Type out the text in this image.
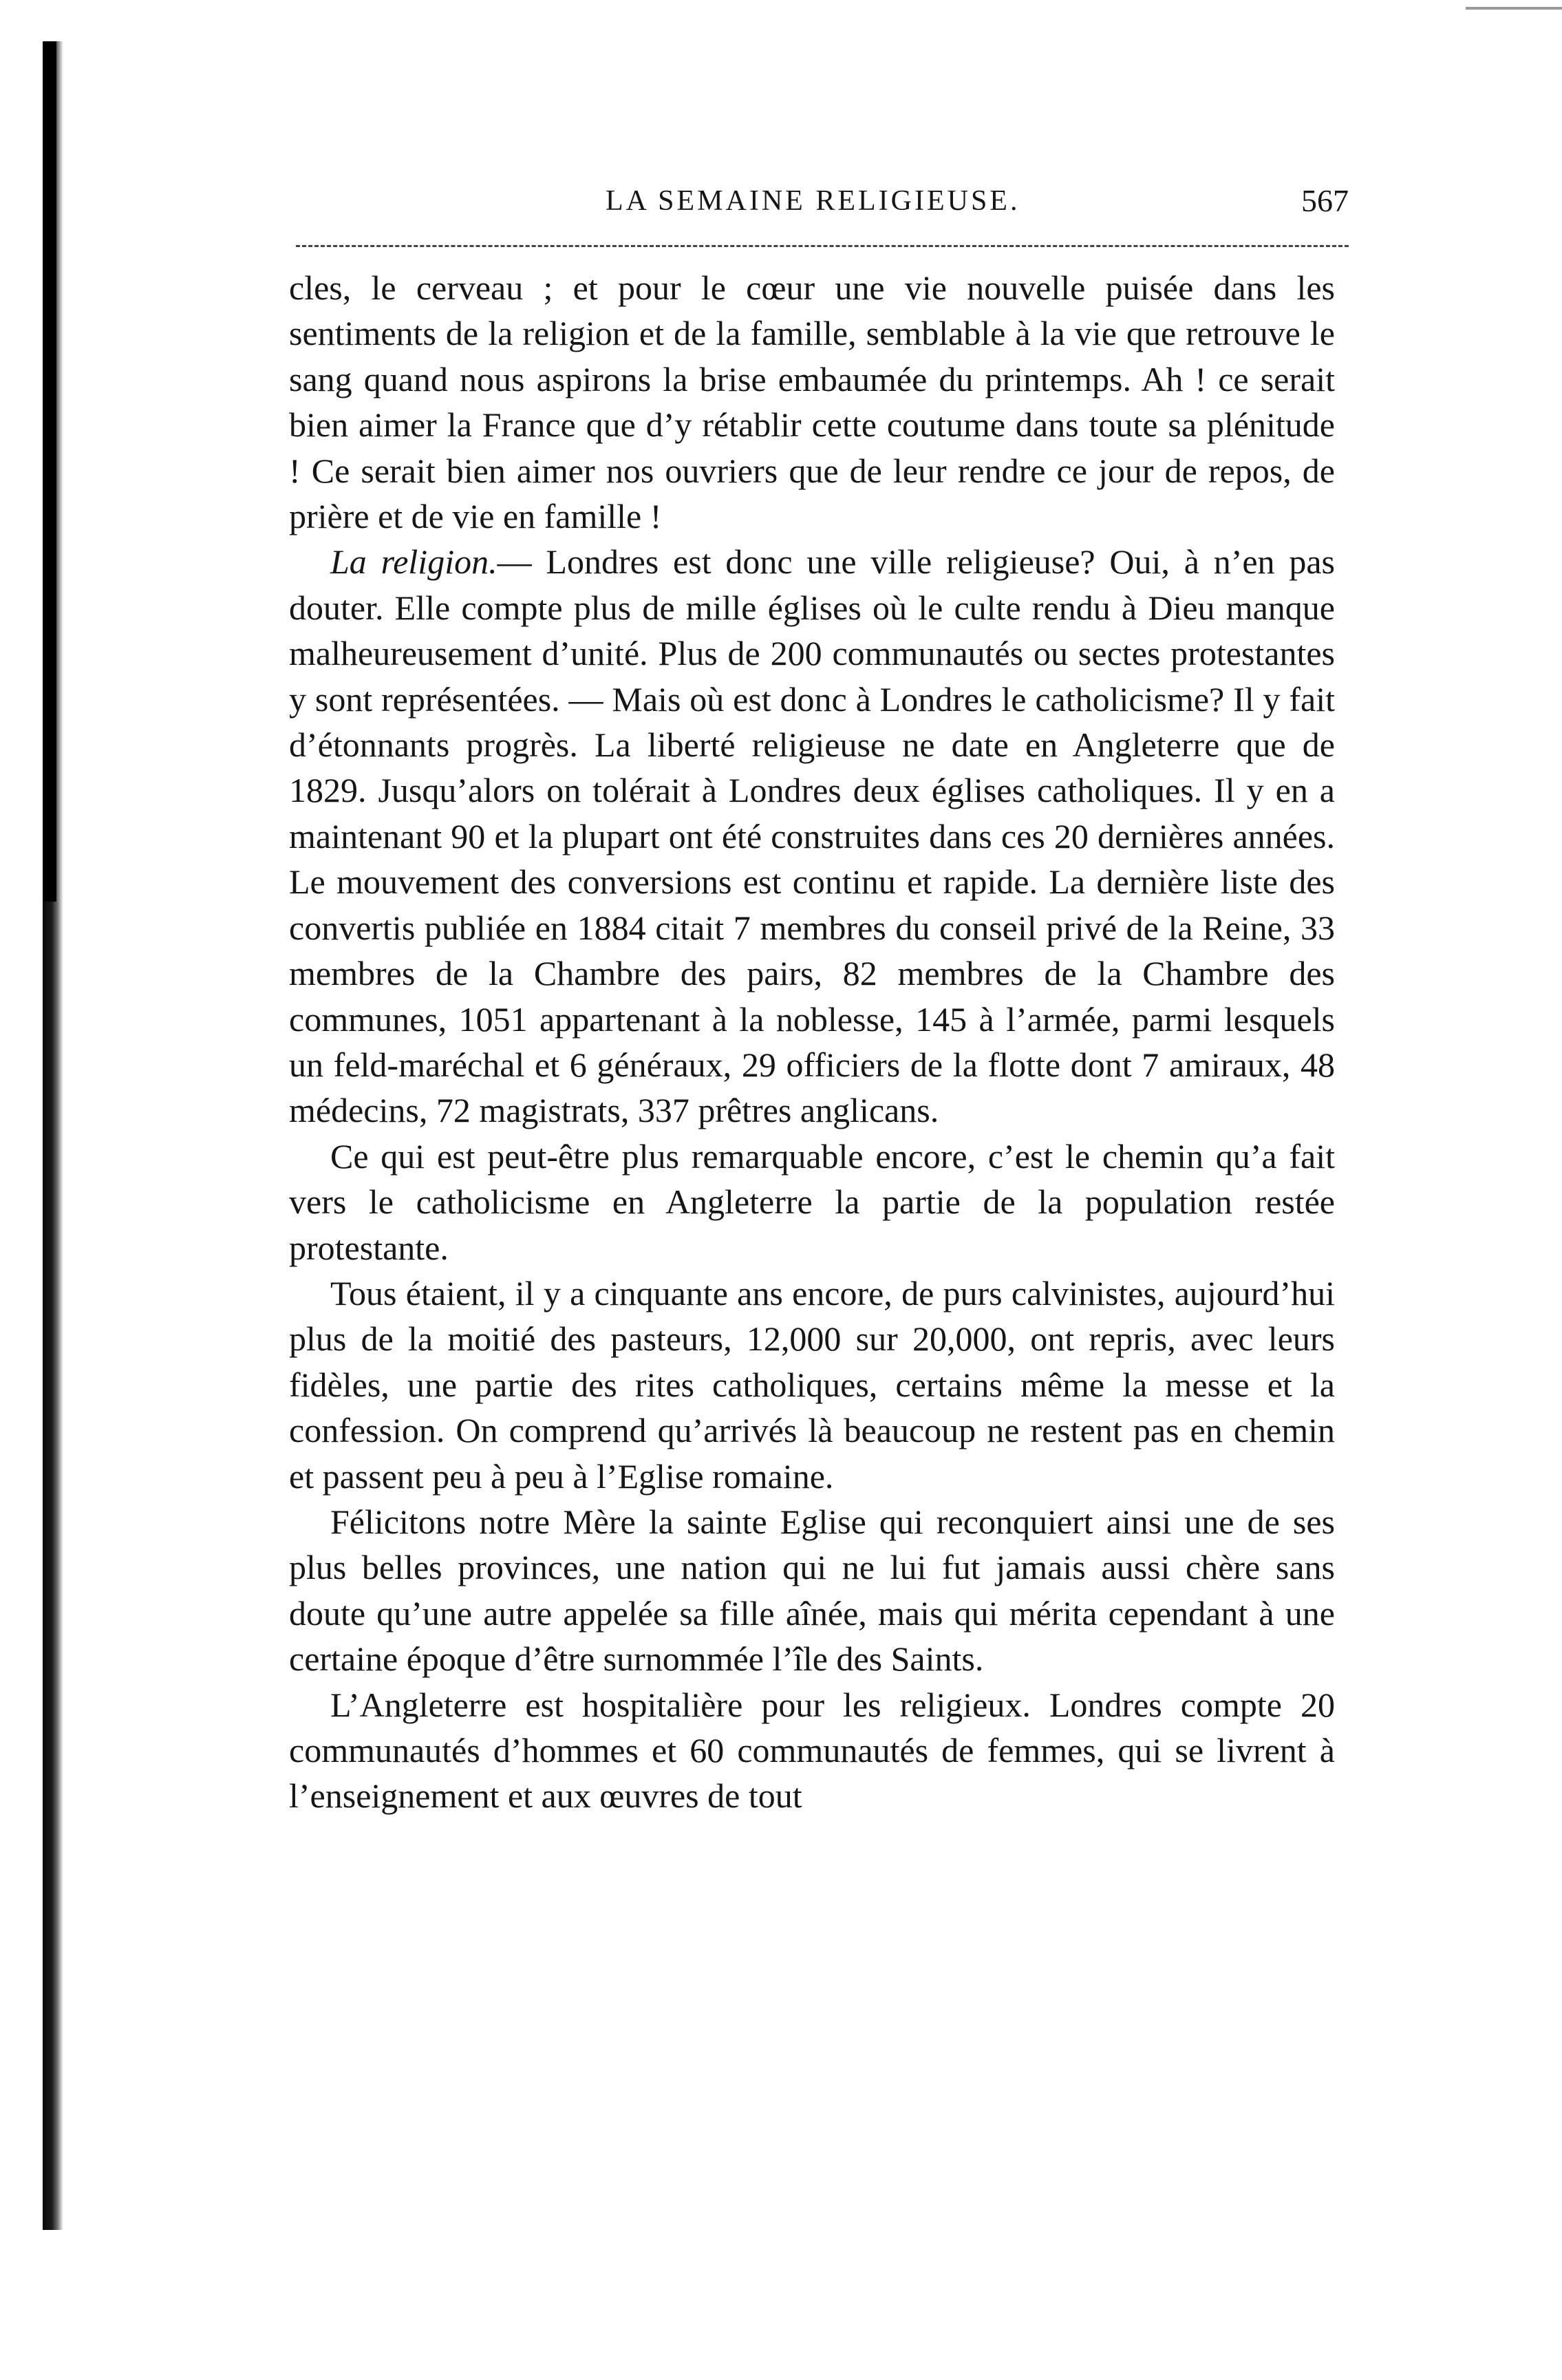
LA SEMAINE RELIGIEUSE.	567

cles, le cerveau ; et pour le cœur une vie nouvelle puisée dans les sentiments de la religion et de la famille, semblable à la vie que retrouve le sang quand nous aspirons la brise embaumée du printemps. Ah ! ce serait bien aimer la France que d’y rétablir cette coutume dans toute sa plénitude ! Ce serait bien aimer nos ouvriers que de leur rendre ce jour de repos, de prière et de vie en famille !

La religion.— Londres est donc une ville religieuse? Oui, à n’en pas douter. Elle compte plus de mille églises où le culte rendu à Dieu manque malheureusement d’unité. Plus de 200 communautés ou sectes protestantes y sont représentées. — Mais où est donc à Londres le catholicisme? Il y fait d’étonnants progrès. La liberté religieuse ne date en Angleterre que de 1829. Jusqu’alors on tolérait à Londres deux églises catholiques. Il y en a maintenant 90 et la plupart ont été construites dans ces 20 dernières années. Le mouvement des conversions est continu et rapide. La dernière liste des convertis publiée en 1884 citait 7 membres du conseil privé de la Reine, 33 membres de la Chambre des pairs, 82 membres de la Chambre des communes, 1051 appartenant à la noblesse, 145 à l’armée, parmi lesquels un feld-maréchal et 6 généraux, 29 officiers de la flotte dont 7 amiraux, 48 médecins, 72 magistrats, 337 prêtres anglicans.

Ce qui est peut-être plus remarquable encore, c’est le chemin qu’a fait vers le catholicisme en Angleterre la partie de la population restée protestante.

Tous étaient, il y a cinquante ans encore, de purs calvinistes, aujourd’hui plus de la moitié des pasteurs, 12,000 sur 20,000, ont repris, avec leurs fidèles, une partie des rites catholiques, certains même la messe et la confession. On comprend qu’arrivés là beaucoup ne restent pas en chemin et passent peu à peu à l’Eglise romaine.

Félicitons notre Mère la sainte Eglise qui reconquiert ainsi une de ses plus belles provinces, une nation qui ne lui fut jamais aussi chère sans doute qu’une autre appelée sa fille aînée, mais qui mérita cependant à une certaine époque d’être surnommée l’île des Saints.

L’Angleterre est hospitalière pour les religieux. Londres compte 20 communautés d’hommes et 60 communautés de femmes, qui se livrent à l’enseignement et aux œuvres de tout
